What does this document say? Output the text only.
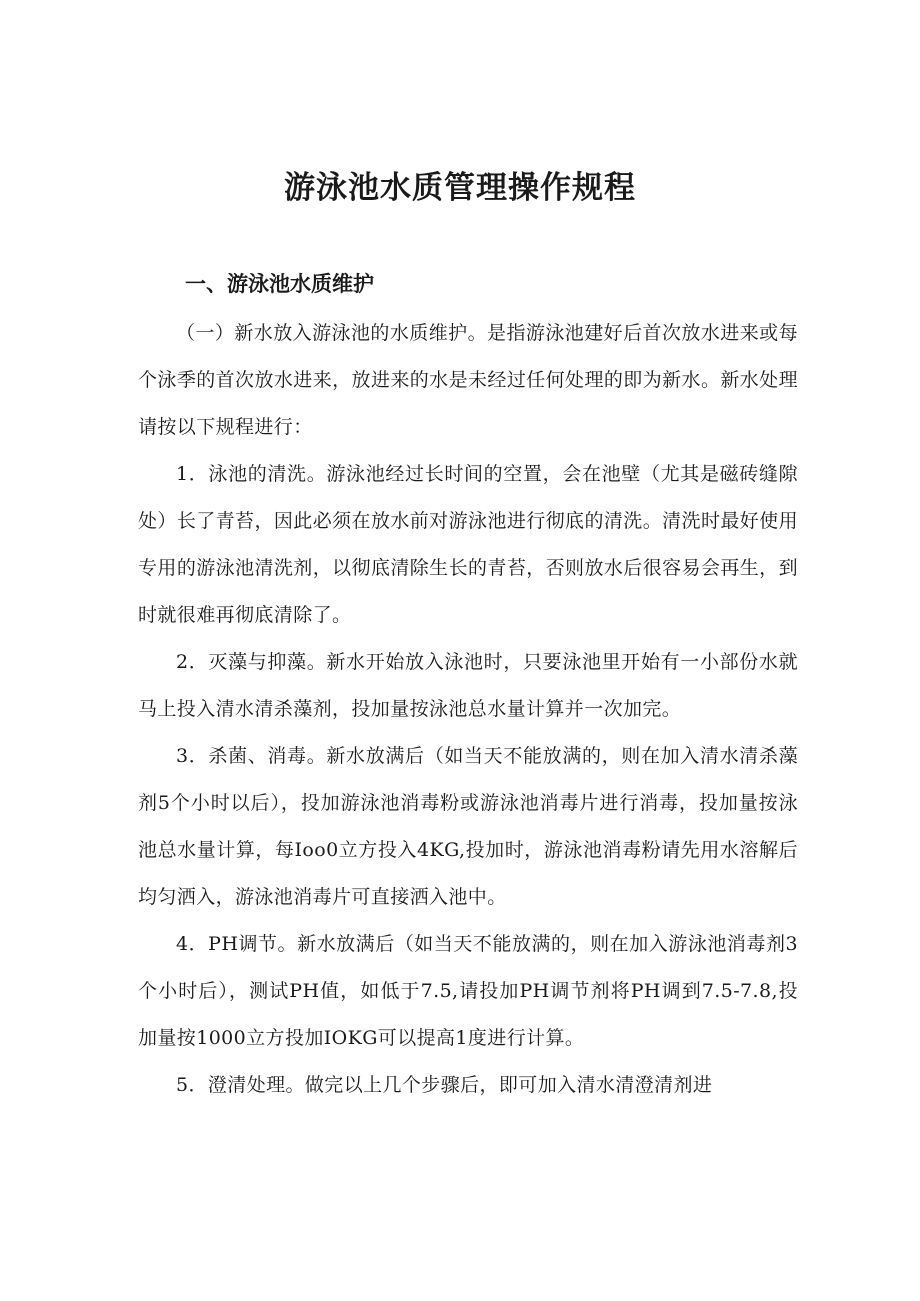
游泳池水质管理操作规程
一、游泳池水质维护

（一）新水放入游泳池的水质维护。是指游泳池建好后首次放水进来或每个泳季的首次放水进来，放进来的水是未经过任何处理的即为新水。新水处理请按以下规程进行：

1．泳池的清洗。游泳池经过长时间的空置，会在池壁（尤其是磁砖缝隙处）长了青苔，因此必须在放水前对游泳池进行彻底的清洗。清洗时最好使用专用的游泳池清洗剂，以彻底清除生长的青苔，否则放水后很容易会再生，到时就很难再彻底清除了。

2．灭藻与抑藻。新水开始放入泳池时，只要泳池里开始有一小部份水就马上投入清水清杀藻剂，投加量按泳池总水量计算并一次加完。

3．杀菌、消毒。新水放满后（如当天不能放满的，则在加入清水清杀藻剂5个小时以后），投加游泳池消毒粉或游泳池消毒片进行消毒，投加量按泳池总水量计算，每Ioo0立方投入4KG,投加时，游泳池消毒粉请先用水溶解后均匀洒入，游泳池消毒片可直接洒入池中。

4．PH调节。新水放满后（如当天不能放满的，则在加入游泳池消毒剂3个小时后），测试PH值，如低于7.5,请投加PH调节剂将PH调到7.5-7.8,投加量按1000立方投加IOKG可以提高1度进行计算。

5．澄清处理。做完以上几个步骤后，即可加入清水清澄清剂进
